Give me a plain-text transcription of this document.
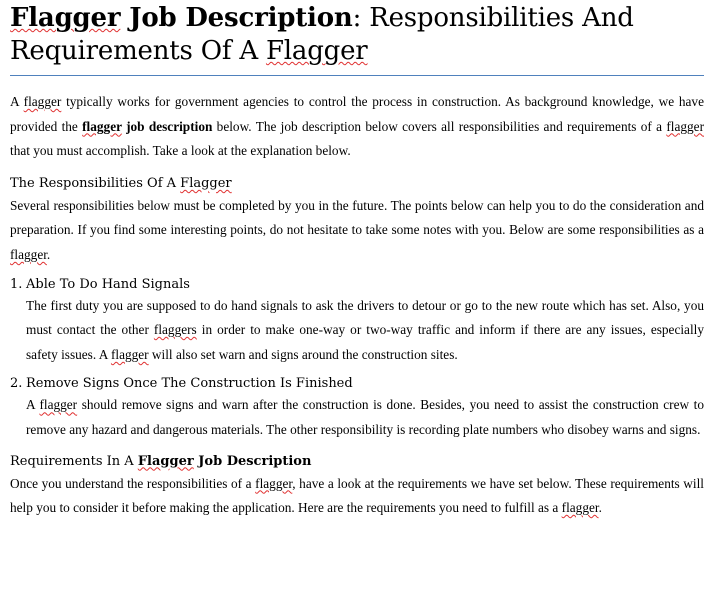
Flagger Job Description: Responsibilities And Requirements Of A Flagger

A flagger typically works for government agencies to control the process in construction. As background knowledge, we have provided the flagger job description below. The job description below covers all responsibilities and requirements of a flagger that you must accomplish. Take a look at the explanation below.

The Responsibilities Of A Flagger

Several responsibilities below must be completed by you in the future. The points below can help you to do the consideration and preparation. If you find some interesting points, do not hesitate to take some notes with you. Below are some responsibilities as a flagger.

1. Able To Do Hand Signals

The first duty you are supposed to do hand signals to ask the drivers to detour or go to the new route which has set. Also, you must contact the other flaggers in order to make one-way or two-way traffic and inform if there are any issues, especially safety issues. A flagger will also set warn and signs around the construction sites.

2. Remove Signs Once The Construction Is Finished

A flagger should remove signs and warn after the construction is done. Besides, you need to assist the construction crew to remove any hazard and dangerous materials. The other responsibility is recording plate numbers who disobey warns and signs.

Requirements In A Flagger Job Description

Once you understand the responsibilities of a flagger, have a look at the requirements we have set below. These requirements will help you to consider it before making the application. Here are the requirements you need to fulfill as a flagger.
